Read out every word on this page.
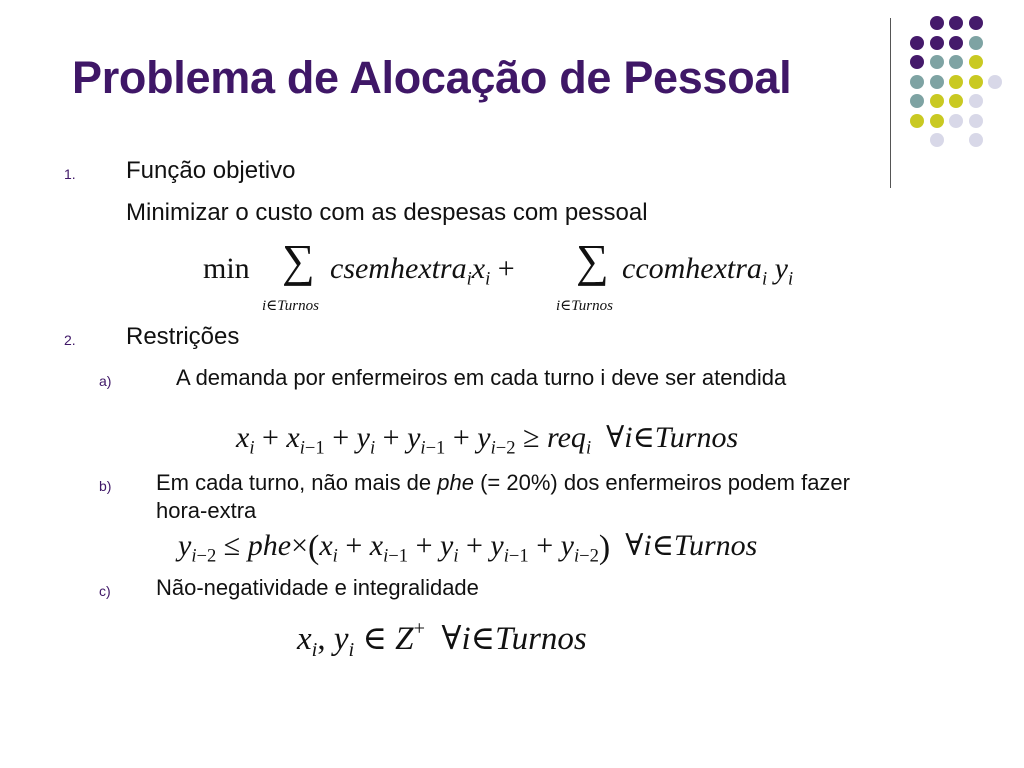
Problema de Alocação de Pessoal
1. Função objetivo
Minimizar o custo com as despesas com pessoal
min ∑
i∈Turnos
$csemhextra_ix_i$ + ∑
i∈Turnos
ccomhextra$_i$ $y_i$
2. Restrições
a)	A demanda por enfermeiros em cada turno i deve ser atendida
$x_i + x_{i-1} + y_i + y_{i-1} + y_{i-2} \ge req_i$ ∀i∈Turnos
b) Em cada turno, não mais de phe (= 20%) dos enfermeiros podem fazer hora-extra
$y_{i-2} \le phe\times(x_i + x_{i-1} + y_i + y_{i-1} + y_{i-2})$ ∀i∈Turnos
c) Não-negatividade e integralidade
$x_i$, $y_i$ ∈ Z+ ∀i∈Turnos
